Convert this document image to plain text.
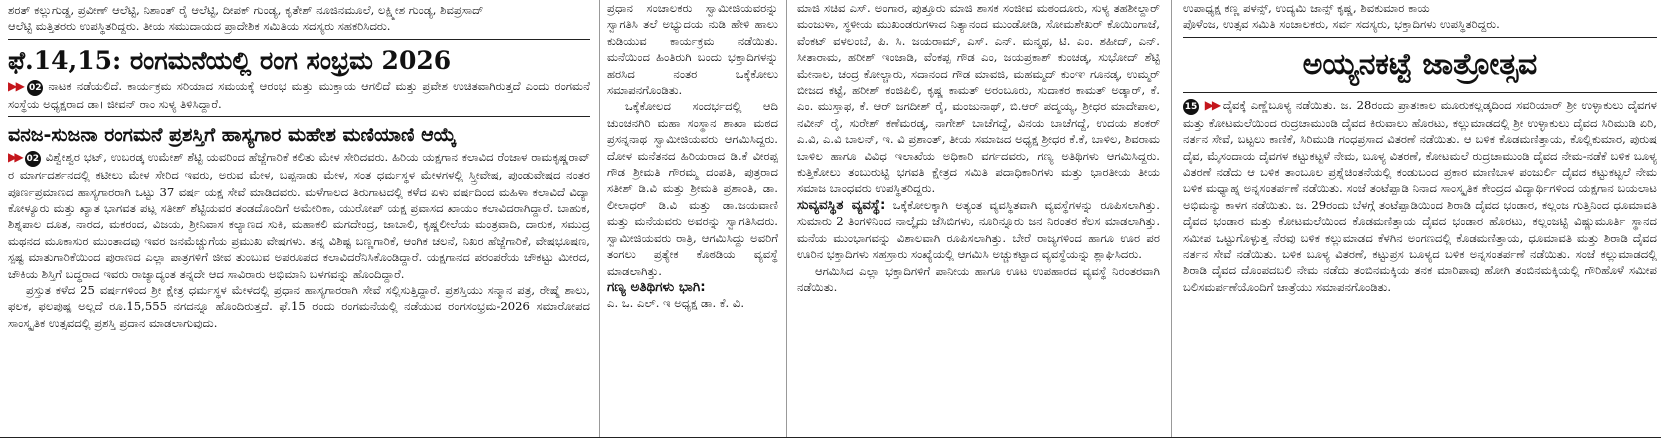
ಶರತ್ ಕಲ್ಲುಗುಡ್ಡ, ಪ್ರವೀಣ್ ಆಲೆಟ್ಟಿ, ನಿಶಾಂತ್ ರೈ ಆಲೆಟ್ಟಿ, ದೀಪಕ್ ಗುಂಡ್ಯ, ಕೃತೇಶ್ ನೂಜಿನಮೂಲೆ, ಲಕ್ಷ್ಮೀಶ ಗುಂಡ್ಯ, ಶಿವಪ್ರಸಾದ್

ಆಲೆಟ್ಟಿ ಮತ್ತಿತರರು ಉಪಸ್ಥಿತರಿದ್ದರು. ತೀಯ ಸಮುದಾಯದ ಪ್ರಾದೇಶಿಕ ಸಮಿತಿಯ ಸದಸ್ಯರು ಸಹಕರಿಸಿದರು.

ಫೆ.14,15: ರಂಗಮನೆಯಲ್ಲಿ ರಂಗ ಸಂಭ್ರಮ 2026

▶▶ 02 ನಾಟಕ ನಡೆಯಲಿದೆ. ಕಾರ್ಯಕ್ರಮ ಸರಿಯಾದ ಸಮಯಕ್ಕೆ ಆರಂಭ ಮತ್ತು ಮುಕ್ತಾಯ ಆಗಲಿದೆ ಮತ್ತು ಪ್ರವೇಶ ಉಚಿತವಾಗಿರುತ್ತದೆ ಎಂದು ರಂಗಮನೆ ಸಂಸ್ಥೆಯ ಅಧ್ಯಕ್ಷರಾದ ಡಾ। ಜೀವನ್ ರಾಂ ಸುಳ್ಯ ತಿಳಿಸಿದ್ದಾರೆ.

ವನಜ-ಸುಜನಾ ರಂಗಮನೆ ಪ್ರಶಸ್ತಿಗೆ ಹಾಸ್ಯಗಾರ ಮಹೇಶ ಮಣಿಯಾಣಿ ಆಯ್ಕೆ

▶▶ 02 ವಿಶ್ವೇಶ್ವರ ಭಟ್, ಉಬರಡ್ಕ ಉಮೇಶ್ ಶೆಟ್ಟಿ ಯವರಿಂದ ಹೆಜ್ಜೆಗಾರಿಕೆ ಕಲಿತು ಮೇಳ ಸೇರಿದವರು. ಹಿರಿಯ ಯಕ್ಷಗಾನ ಕಲಾವಿದ ರೆಂಜಾಳ ರಾಮಕೃಷ್ಣರಾವ್ ರ ಮಾರ್ಗದರ್ಶನದಲ್ಲಿ ಕಟೀಲು ಮೇಳ ಸೇರಿದ ಇವರು, ಅರುವ ಮೇಳ, ಬಪ್ಪನಾಡು ಮೇಳ, ಸಂತ ಧರ್ಮಸ್ಥಳ ಮೇಳಗಳಲ್ಲಿ ಸ್ತ್ರೀವೇಷ, ಪುಂಡುವೇಷದ ನಂತರ ಪೂರ್ಣಪ್ರಮಾಣದ ಹಾಸ್ಯಗಾರರಾಗಿ ಒಟ್ಟು 37 ವರ್ಷ ಯಕ್ಷ ಸೇವೆ ಮಾಡಿದವರು. ಮಳೆಗಾಲದ ತಿರುಗಾಟದಲ್ಲಿ ಕಳೆದ ಏಳು ವರ್ಷದಿಂದ ಮಹಿಳಾ ಕಲಾವಿದೆ ವಿದ್ಯಾ ಕೋಳ್ಯೂರು ಮತ್ತು ಖ್ಯಾತ ಭಾಗವತ ಪಟ್ಲ ಸತೀಶ್ ಶೆಟ್ಟಿಯವರ ತಂಡದೊಂದಿಗೆ ಅಮೇರಿಕಾ, ಯುರೋಪ್ ಯಕ್ಷ ಪ್ರವಾಸದ ಖಾಯಂ ಕಲಾವಿದರಾಗಿದ್ದಾರೆ. ಬಾಹುಕ, ಶಿಶ್ನಪಾಲ ದೂತ, ನಾರದ, ಮಕರಂದ, ವಿಜಯ, ಶ್ರೀನಿವಾಸ ಕಲ್ಯಾಣದ ಸುಕಿ, ಮಹಾಕಲಿ ಮಗದೇಂದ್ರ, ಜಾಬಾಲಿ, ಕೃಷ್ಣಲೀಲೆಯ ಮಂತ್ರವಾದಿ, ದಾರುಕ, ಸಮುದ್ರ ಮಥನದ ಮೂಕಾಸುರ ಮುಂತಾದವು ಇವರ ಜನಮೆಚ್ಚುಗೆಯ ಪ್ರಮುಖ ವೇಷಗಳು. ತನ್ನ ವಿಶಿಷ್ಟ ಬಣ್ಣಗಾರಿಕೆ, ಆಂಗಿಕ ಚಲನೆ, ನಿಖರ ಹೆಜ್ಜೆಗಾರಿಕೆ, ವೇಷಭೂಷಣ, ಸ್ಪಷ್ಟ ಮಾತುಗಾರಿಕೆಯಿಂದ ಪುರಾಣದ ಎಲ್ಲಾ ಪಾತ್ರಗಳಿಗೆ ಜೀವ ತುಂಬುವ ಅಪರೂಪದ ಕಲಾವಿದರೆನಿಸಿಕೊಂಡಿದ್ದಾರೆ. ಯಕ್ಷಗಾನದ ಪರಂಪರೆಯ ಚೌಕಟ್ಟು ಮೀರದ, ಚೌಕಿಯ ಶಿಸ್ತಿಗೆ ಬದ್ಧರಾದ ಇವರು ರಾಜ್ಯಾದ್ಯಂತ ತನ್ನದೇ ಆದ ಸಾವಿರಾರು ಅಭಿಮಾನಿ ಬಳಗವನ್ನು ಹೊಂದಿದ್ದಾರೆ.

ಪ್ರಸ್ತುತ ಕಳೆದ 25 ವರ್ಷಗಳಿಂದ ಶ್ರೀ ಕ್ಷೇತ್ರ ಧರ್ಮಸ್ಥಳ ಮೇಳದಲ್ಲಿ ಪ್ರಧಾನ ಹಾಸ್ಯಗಾರರಾಗಿ ಸೇವೆ ಸಲ್ಲಿಸುತ್ತಿದ್ದಾರೆ. ಪ್ರಶಸ್ತಿಯು ಸನ್ಮಾನ ಪತ್ರ, ರೇಷ್ಮೆ ಶಾಲು, ಫಲಕ, ಫಲಪುಷ್ಪ ಅಲ್ಲದೆ ರೂ.15,555 ನಗದನ್ನೂ ಹೊಂದಿರುತ್ತದೆ. ಫೆ.15 ರಂದು ರಂಗಮನೆಯಲ್ಲಿ ನಡೆಯುವ ರಂಗಸಂಭ್ರಮ-2026 ಸಮಾರೋಪದ ಸಾಂಸ್ಕೃತಿಕ ಉತ್ಸವದಲ್ಲಿ ಪ್ರಶಸ್ತಿ ಪ್ರದಾನ ಮಾಡಲಾಗುವುದು.

ಪ್ರಧಾನ ಸಂಚಾಲಕರು ಸ್ವಾಮೀಜಿಯವರನ್ನು ಸ್ವಾಗತಿಸಿ ತಲೆ ಅಭ್ಯುದಯ ನುಡಿ ಹೇಳಿ ಹಾಲು ಕುಡಿಯುವ ಕಾರ್ಯಕ್ರಮ ನಡೆಯಿತು. ಮನೆಯಿಂದ ಹಿಂತಿರುಗಿ ಬಂದು ಭಕ್ತಾದಿಗಳನ್ನು ಹರಸಿದ ನಂತರ ಒಕ್ಕೆಕೋಲು ಸಮಾಪನಗೊಂಡಿತು.

ಒಕ್ಕೆಕೋಲದ ಸಂದರ್ಭದಲ್ಲಿ ಆದಿ ಚುಂಚನಗಿರಿ ಮಹಾ ಸಂಸ್ಥಾನ ಶಾಖಾ ಮಠದ ಪ್ರಸನ್ನನಾಥ ಸ್ವಾಮೀಜಿಯವರು ಆಗಮಿಸಿದ್ದರು. ದೋಳ ಮನೆತನದ ಹಿರಿಯರಾದ ಡಿ.ಕೆ ವೀರಪ್ಪ ಗೌಡ ಶ್ರೀಮತಿ ಗೌರಮ್ಮ ದಂಪತಿ, ಪುತ್ರರಾದ ಸತೀಶ್ ಡಿ.ವಿ ಮತ್ತು ಶ್ರೀಮತಿ ಪ್ರಶಾಂತಿ, ಡಾ. ಲೀಲಾಧರ್ ಡಿ.ವಿ ಮತ್ತು ಡಾ.ಜಯವಾಣಿ ಮತ್ತು ಮನೆಯವರು ಅವರನ್ನು ಸ್ವಾಗತಿಸಿದರು. ಸ್ವಾಮೀಜಿಯವರು ರಾತ್ರಿ, ಆಗಮಿಸಿದ್ದು ಅವರಿಗೆ ತಂಗಲು ಪ್ರತ್ಯೇಕ ಕೊಠಡಿಯ ವ್ಯವಸ್ಥೆ ಮಾಡಲಾಗಿತ್ತು.

ಗಣ್ಯ ಅತಿಥಿಗಳು ಭಾಗಿ:

ಎ. ಒ. ಎಲ್. ಇ ಅಧ್ಯಕ್ಷ ಡಾ. ಕೆ. ವಿ.

ಮಾಜಿ ಸಚಿವ ಎಸ್. ಅಂಗಾರ, ಪುತ್ತೂರು ಮಾಜಿ ಶಾಸಕ ಸಂಜೀವ ಮಠಂದೂರು, ಸುಳ್ಯ ತಹಶೀಲ್ದಾರ್ ಮಂಜುಳಾ, ಸ್ಥಳೀಯ ಮುಖಂಡರುಗಳಾದ ನಿತ್ಯಾನಂದ ಮುಂಡೋಡಿ, ಸೋಮಶೇಖರ್ ಕೊಯಿಂಗಾಜೆ, ವೆಂಕಟ್ ವಳಲಂಬೆ, ಪಿ. ಸಿ. ಜಯರಾಮ್, ಎಸ್. ಎನ್. ಮನ್ಮಥ, ಟಿ. ಎಂ. ಶಹೀದ್, ಎನ್. ಸೀತಾರಾಮ, ಹರೀಶ್ ಇಂಜಾಡಿ, ವೆಂಕಪ್ಪ ಗೌಡ ಎಂ, ಜಯಪ್ರಕಾಶ್ ಕುಂಚಡ್ಕ, ಸುಭೋದ್ ಶೆಟ್ಟಿ ಮೇನಾಲ, ಚಂದ್ರ ಕೋಲ್ಚಾರು, ಸದಾನಂದ ಗೌಡ ಮಾವಜಿ, ಮಹಮ್ಮದ್ ಕುಂಞ ಗೂನಡ್ಕ, ಉಮ್ಮರ್ ಬೀಜದ ಕಟ್ಟೆ, ಹರೀಶ್ ಕಂಜಿಪಿಲಿ, ಕೃಷ್ಣ ಕಾಮತ್ ಅರಂಬೂರು, ಸುದಾಕರ ಕಾಮತ್ ಅಡ್ಕಾರ್, ಕೆ. ಎಂ. ಮುಸ್ತಾಫ, ಕೆ. ಆರ್ ಜಗದೀಶ್ ರೈ, ಮಂಜುನಾಥ್, ಬಿ.ಆರ್ ಪದ್ಮಯ್ಯ, ಶ್ರೀಧರ ಮಾದೇಪಾಲ, ನವೀನ್ ರೈ, ಸುರೇಶ್ ಕಣೆಮರಡ್ಕ, ನಾಗೇಶ್ ಬಾಚೆಗದ್ದೆ, ವಿನಯ ಬಾಚೆಗದ್ದೆ, ಉದಯ ಶಂಕರ್ ಎ.ವಿ, ಎ.ವಿ ಬಾಲನ್, ಇ. ವಿ ಪ್ರಶಾಂತ್, ತೀಯ ಸಮಾಜದ ಅಧ್ಯಕ್ಷ ಶ್ರೀಧರ ಕೆ.ಕೆ, ಬಾಳಿಲ, ಶಿವರಾಮ ಬಾಳಿಲ ಹಾಗೂ ವಿವಿಧ ಇಲಾಖೆಯ ಅಧಿಕಾರಿ ವರ್ಗದವರು, ಗಣ್ಯ ಅತಿಥಿಗಳು ಆಗಮಿಸಿದ್ದರು. ಕುತ್ತಿಕೋಲು ತಂಬುರುಟ್ಟಿ ಭಗವತಿ ಕ್ಷೇತ್ರದ ಸಮಿತಿ ಪದಾಧಿಕಾರಿಗಳು ಮತ್ತು ಭಾರತೀಯ ತೀಯ ಸಮಾಜ ಬಾಂಧವರು ಉಪಸ್ಥಿತರಿದ್ದರು.

ಸುವ್ಯವಸ್ಥಿತ ವ್ಯವಸ್ಥೆ: ಒಕ್ಕೆಕೋಲಕ್ಕಾಗಿ ಅತ್ಯಂತ ವ್ಯವಸ್ಥಿತವಾಗಿ ವ್ಯವಸ್ಥೆಗಳನ್ನು ರೂಪಿಸಲಾಗಿತ್ತು. ಸುಮಾರು 2 ತಿಂಗಳಿನಿಂದ ನಾಲ್ಕೈದು ಜೆಸಿಬಿಗಳು, ನೂರಿನ್ನೂರು ಜನ ನಿರಂತರ ಕೆಲಸ ಮಾಡಲಾಗಿತ್ತು. ಮನೆಯ ಮುಂಭಾಗವನ್ನು ವಿಶಾಲವಾಗಿ ರೂಪಿಸಲಾಗಿತ್ತು. ಬೇರೆ ರಾಜ್ಯಗಳಿಂದ ಹಾಗೂ ಊರ ಪರ ಊರಿನ ಭಕ್ತಾದಿಗಳು ಸಹಸ್ರಾರು ಸಂಖ್ಯೆಯಲ್ಲಿ ಆಗಮಿಸಿ ಅಚ್ಚುಕಟ್ಟಾದ ವ್ಯವಸ್ಥೆಯನ್ನು ಶ್ಲಾಘಿಸಿದರು.

ಆಗಮಿಸಿದ ಎಲ್ಲಾ ಭಕ್ತಾದಿಗಳಿಗೆ ಪಾನೀಯ ಹಾಗೂ ಊಟ ಉಪಹಾರದ ವ್ಯವಸ್ಥೆ ನಿರಂತರವಾಗಿ ನಡೆಯಿತು.

ಉಪಾಧ್ಯಕ್ಷ ಕಣ್ಣ ಪಳನ್ಸ್, ಉದ್ಯಮಿ ಜಾನ್ಸ್ ಕೃಷ್ಣ, ಶಿವಕುಮಾರ ಕಾಯ

ಪೊಳೆಂಜ, ಉತ್ಸವ ಸಮಿತಿ ಸಂಚಾಲಕರು, ಸರ್ವ ಸದಸ್ಯರು, ಭಕ್ತಾದಿಗಳು ಉಪಸ್ಥಿತರಿದ್ದರು.

ಅಯ್ಯನಕಟ್ಟೆ ಜಾತ್ರೋತ್ಸವ

15 ▶▶ ದೈವಕ್ಕೆ ಎಣ್ಣೆಬೂಳ್ಯ ನಡೆಯಿತು. ಜ. 28ರಂದು ಪ್ರಾತಃಕಾಲ ಮೂರುಕಲ್ಲಡ್ಕದಿಂದ ಸವರಿಯಾರ್ ಶ್ರೀ ಉಳ್ಳಾಕುಲು ದೈವಗಳ ಮತ್ತು ಕೋಟಮಲೆಯಿಂದ ರುದ್ರಚಾಮುಂಡಿ ದೈವದ ಕಿರುವಾಲು ಹೊರಟು, ಕಲ್ಲುಮಾಡದಲ್ಲಿ ಶ್ರೀ ಉಳ್ಳಾಕುಲು ದೈವದ ಸಿರಿಮುಡಿ ಏರಿ, ನರ್ತನ ಸೇವೆ, ಬಟ್ಟಲು ಕಾಣಿಕೆ, ಸಿರಿಮುಡಿ ಗಂಧಪ್ರಸಾದ ವಿತರಣೆ ನಡೆಯಿತು. ಆ ಬಳಿಕ ಕೊಡಮಣಿತ್ತಾಯ, ಕೊಲ್ಲಿಕುಮಾರ, ಪುರುಷ ದೈವ, ಮೈಸಂದಾಯ ದೈವಗಳ ಕಟ್ಟುಕಟ್ಟಳೆ ನೇಮ, ಬೂಳ್ಯ ವಿತರಣೆ, ಕೋಟಮಲೆ ರುದ್ರಚಾಮುಂಡಿ ದೈವದ ನೇಮ-ನಡೆಕೆ ಬಳಿಕ ಬೂಳ್ಯ ವಿತರಣೆ ನಡೆದು ಆ ಬಳಿಕ ತಾಂಬೂಲ ಪ್ರಶ್ನೆಚಿಂತನೆಯಲ್ಲಿ ಕಂಡುಬಂದ ಪ್ರಕಾರ ಮಾಣಿಬಾಳ ಪಂಜುರ್ಲಿ ದೈವದ ಕಟ್ಟುಕಟ್ಟಲೆ ನೇಮ ಬಳಿಕ ಮಧ್ಯಾಹ್ನ ಅನ್ನಸಂತರ್ಪಣೆ ನಡೆಯಿತು. ಸಂಜೆ ತಂಟೆಪ್ಪಾಡಿ ನಿನಾದ ಸಾಂಸ್ಕೃತಿಕ ಕೇಂದ್ರದ ವಿದ್ಯಾರ್ಥಿಗಳಿಂದ ಯಕ್ಷಗಾನ ಬಯಲಾಟ ಅಭಿಮನ್ಯು ಕಾಳಗ ನಡೆಯಿತು. ಜ. 29ರಂದು ಬೆಳಗ್ಗೆ ತಂಟೆಪ್ಪಾಡಿಯಿಂದ ಶಿರಾಡಿ ದೈವದ ಭಂಡಾರ, ಕಲ್ಲಂಜ ಗುತ್ತಿನಿಂದ ಧೂಮಾವತಿ ದೈವದ ಭಂಡಾರ ಮತ್ತು ಕೋಟಮಲೆಯಿಂದ ಕೊಡಮಣಿತ್ತಾಯ ದೈವದ ಭಂಡಾರ ಹೊರಟು, ಕಲ್ಲಂಜಟ್ಟಿ ವಿಷ್ಣುಮೂರ್ತಿ ಸ್ಥಾನದ ಸಮೀಪ ಒಟ್ಟುಗೊಳ್ಳುತ್ತ ನೆರವು ಬಳಿಕ ಕಲ್ಲುಮಾಡದ ಕೆಳಗಿನ ಅಂಗಣದಲ್ಲಿ ಕೊಡಮಣಿತ್ತಾಯ, ಧೂಮಾವತಿ ಮತ್ತು ಶಿರಾಡಿ ದೈವದ ನರ್ತನ ಸೇವೆ ನಡೆಯಿತು. ಬಳಿಕ ಬೂಳ್ಯ ವಿತರಣೆ, ಕಟ್ಟುಪ್ರಸ ಬೂಳ್ಯದ ಬಳಿಕ ಅನ್ನಸಂತರ್ಪಣೆ ನಡೆಯಿತು. ಸಂಜೆ ಕಲ್ಲುಮಾಡದಲ್ಲಿ ಶಿರಾಡಿ ದೈವದ ದೊಂಪದಬಲಿ ನೇಮ ನಡೆದು ತಂಬಿನಮಕ್ಕಿಯ ತನಕ ಮಾರಿಪಾವು ಹೋಗಿ ತಂಬಿನಮಕ್ಕಿಯಲ್ಲಿ ಗೌರಿಹೊಳೆ ಸಮೀಪ ಬಲಿಸಮರ್ಪಣೆಯೊಂದಿಗೆ ಜಾತ್ರೆಯು ಸಮಾಪನಗೊಂಡಿತು.
